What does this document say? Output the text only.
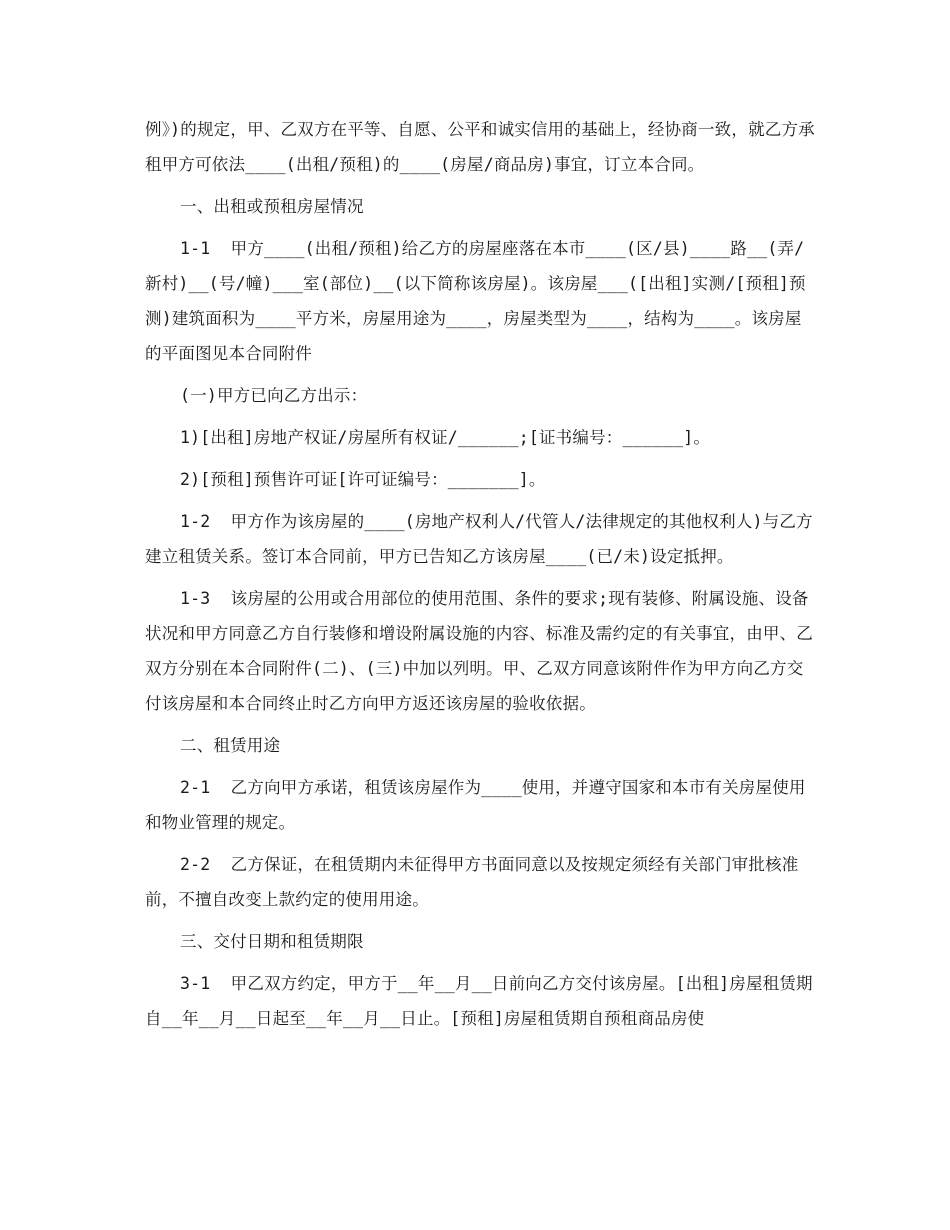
例》)的规定，甲、乙双方在平等、自愿、公平和诚实信用的基础上，经协商一致，就乙方承租甲方可依法____(出租/预租)的____(房屋/商品房)事宜，订立本合同。

一、出租或预租房屋情况

1-1  甲方____(出租/预租)给乙方的房屋座落在本市____(区/县)____路__(弄/新村)__(号/幢)___室(部位)__(以下简称该房屋)。该房屋___([出租]实测/[预租]预测)建筑面积为____平方米，房屋用途为____，房屋类型为____，结构为____。该房屋的平面图见本合同附件

(一)甲方已向乙方出示：

1)[出租]房地产权证/房屋所有权证/______;[证书编号：______]。

2)[预租]预售许可证[许可证编号：_______]。

1-2  甲方作为该房屋的____(房地产权利人/代管人/法律规定的其他权利人)与乙方建立租赁关系。签订本合同前，甲方已告知乙方该房屋____(已/未)设定抵押。

1-3  该房屋的公用或合用部位的使用范围、条件的要求;现有装修、附属设施、设备状况和甲方同意乙方自行装修和增设附属设施的内容、标准及需约定的有关事宜，由甲、乙双方分别在本合同附件(二)、(三)中加以列明。甲、乙双方同意该附件作为甲方向乙方交付该房屋和本合同终止时乙方向甲方返还该房屋的验收依据。

二、租赁用途

2-1  乙方向甲方承诺，租赁该房屋作为____使用，并遵守国家和本市有关房屋使用和物业管理的规定。

2-2  乙方保证，在租赁期内未征得甲方书面同意以及按规定须经有关部门审批核准前，不擅自改变上款约定的使用用途。

三、交付日期和租赁期限

3-1  甲乙双方约定，甲方于__年__月__日前向乙方交付该房屋。[出租]房屋租赁期自__年__月__日起至__年__月__日止。[预租]房屋租赁期自预租商品房使
